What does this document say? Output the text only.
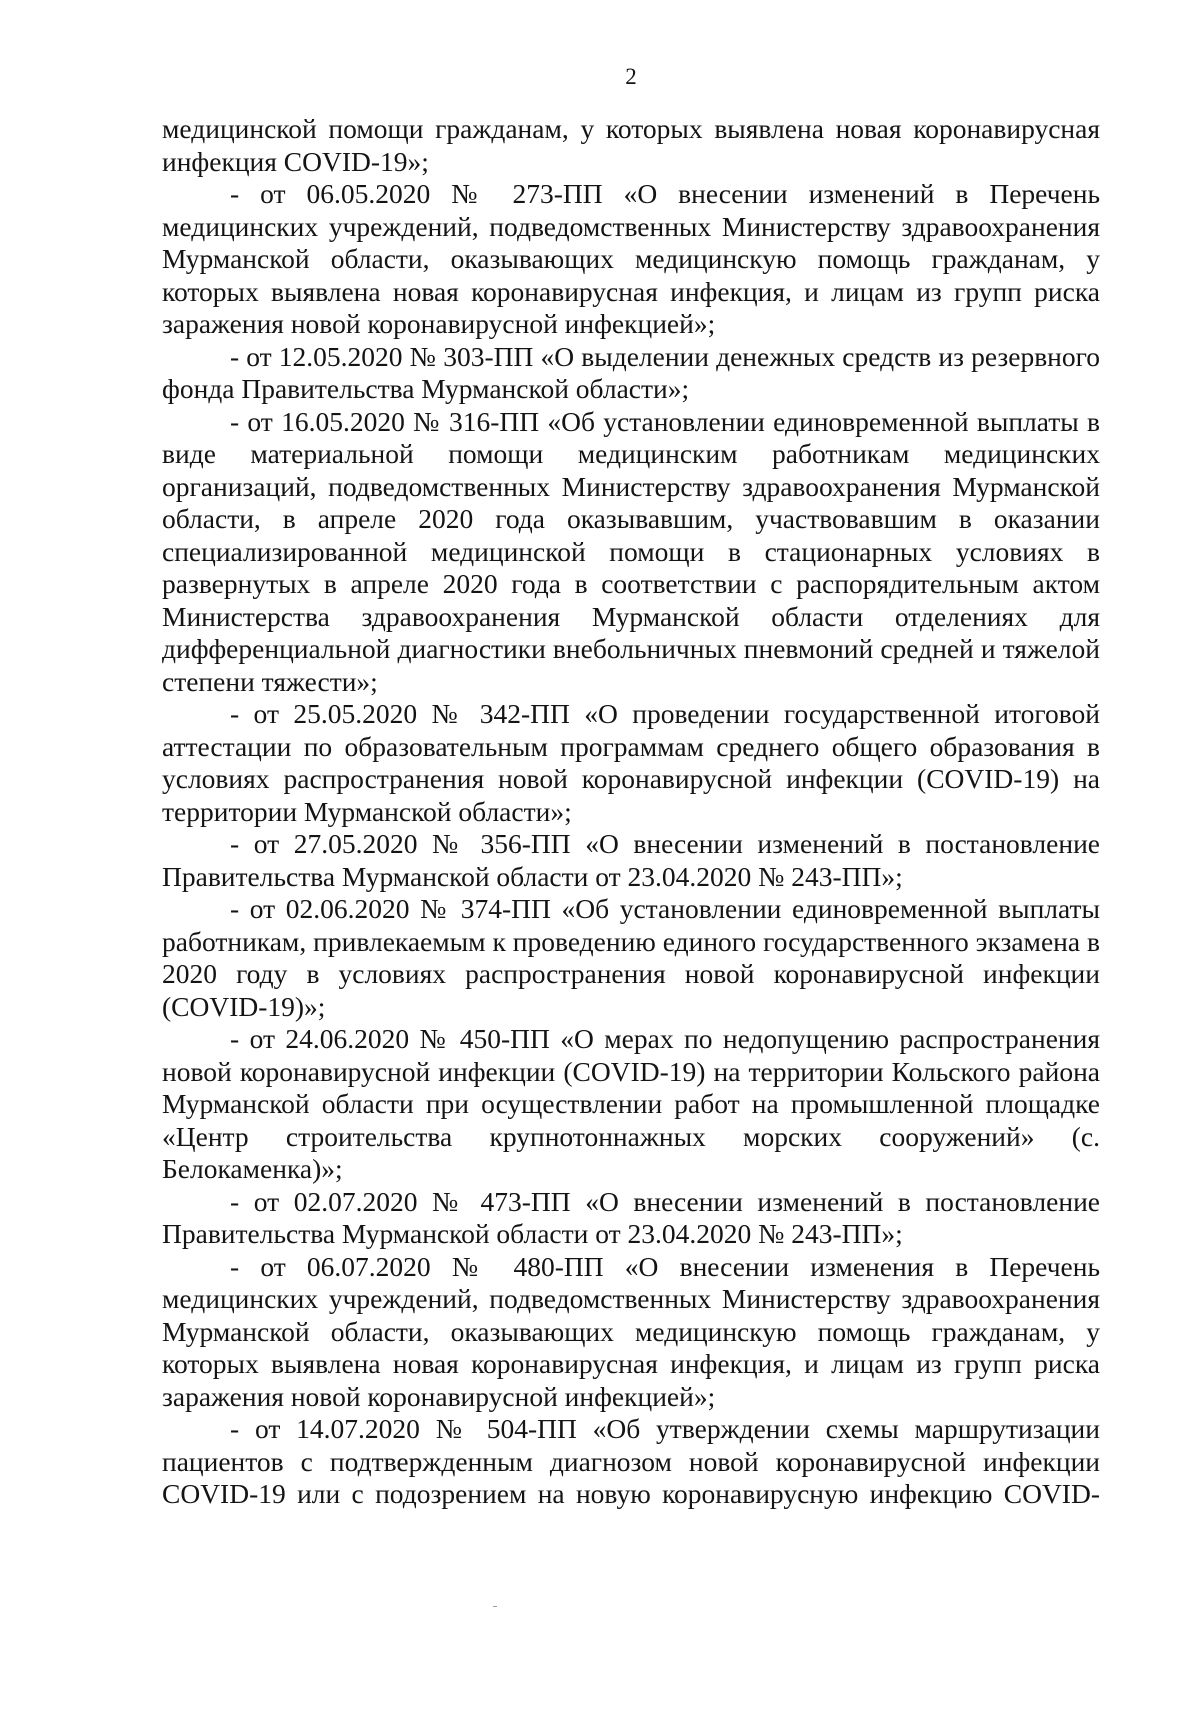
2

медицинской помощи гражданам, у которых выявлена новая коронавирусная инфекция COVID-19»;

- от 06.05.2020 № 273-ПП «О внесении изменений в Перечень медицинских учреждений, подведомственных Министерству здравоохранения Мурманской области, оказывающих медицинскую помощь гражданам, у которых выявлена новая коронавирусная инфекция, и лицам из групп риска заражения новой коронавирусной инфекцией»;

- от 12.05.2020 № 303-ПП «О выделении денежных средств из резервного фонда Правительства Мурманской области»;

- от 16.05.2020 № 316-ПП «Об установлении единовременной выплаты в виде материальной помощи медицинским работникам медицинских организаций, подведомственных Министерству здравоохранения Мурманской области, в апреле 2020 года оказывавшим, участвовавшим в оказании специализированной медицинской помощи в стационарных условиях в развернутых в апреле 2020 года в соответствии с распорядительным актом Министерства здравоохранения Мурманской области отделениях для дифференциальной диагностики внебольничных пневмоний средней и тяжелой степени тяжести»;

- от 25.05.2020 № 342-ПП «О проведении государственной итоговой аттестации по образовательным программам среднего общего образования в условиях распространения новой коронавирусной инфекции (COVID-19) на территории Мурманской области»;

- от 27.05.2020 № 356-ПП «О внесении изменений в постановление Правительства Мурманской области от 23.04.2020 № 243-ПП»;

- от 02.06.2020 № 374-ПП «Об установлении единовременной выплаты работникам, привлекаемым к проведению единого государственного экзамена в 2020 году в условиях распространения новой коронавирусной инфекции (COVID-19)»;

- от 24.06.2020 № 450-ПП «О мерах по недопущению распространения новой коронавирусной инфекции (COVID-19) на территории Кольского района Мурманской области при осуществлении работ на промышленной площадке «Центр строительства крупнотоннажных морских сооружений» (с. Белокаменка)»;

- от 02.07.2020 № 473-ПП «О внесении изменений в постановление Правительства Мурманской области от 23.04.2020 № 243-ПП»;

- от 06.07.2020 № 480-ПП «О внесении изменения в Перечень медицинских учреждений, подведомственных Министерству здравоохранения Мурманской области, оказывающих медицинскую помощь гражданам, у которых выявлена новая коронавирусная инфекция, и лицам из групп риска заражения новой коронавирусной инфекцией»;

- от 14.07.2020 № 504-ПП «Об утверждении схемы маршрутизации пациентов с подтвержденным диагнозом новой коронавирусной инфекции COVID-19 или с подозрением на новую коронавирусную инфекцию COVID-
